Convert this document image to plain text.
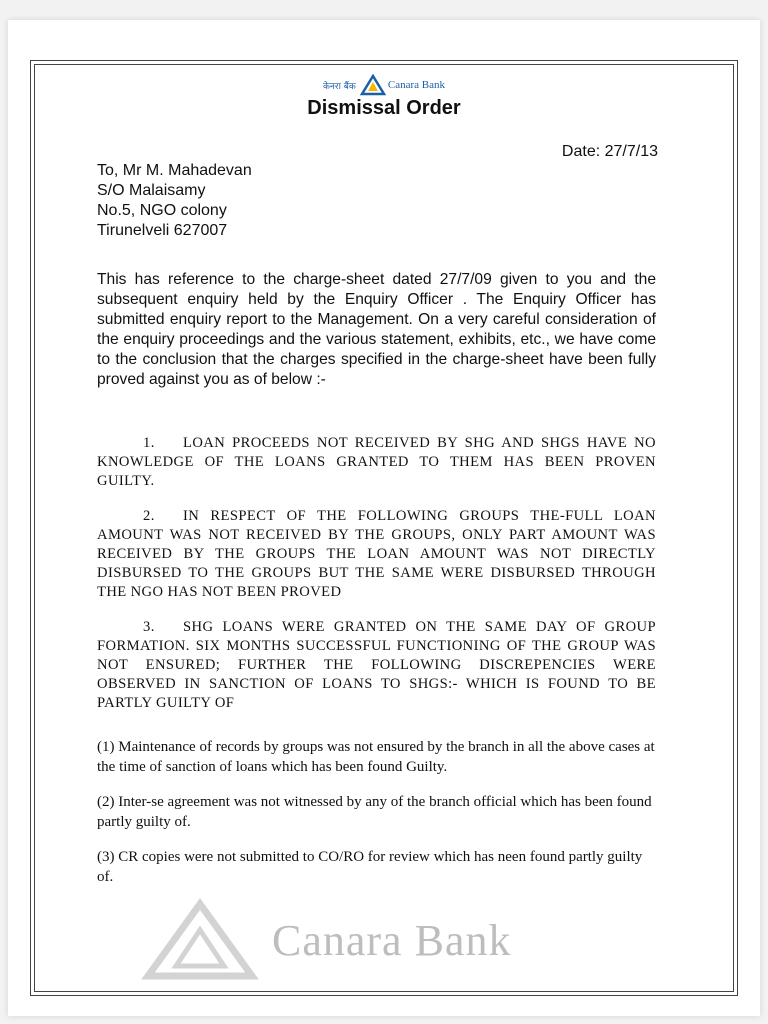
केनरा बैंक	Canara Bank
Dismissal Order
Date: 27/7/13
To, Mr M. Mahadevan
S/O Malaisamy
No.5, NGO colony
Tirunelveli 627007
This has reference to the charge-sheet dated 27/7/09 given to you and the subsequent enquiry held by the Enquiry Officer . The Enquiry Officer has submitted enquiry report to the Management. On a very careful consideration of the enquiry proceedings and the various statement, exhibits, etc., we have come to the conclusion that the charges specified in the charge-sheet have been fully proved against you as of below :-
1. LOAN PROCEEDS NOT RECEIVED BY SHG AND SHGS HAVE NO KNOWLEDGE OF THE LOANS GRANTED TO THEM HAS BEEN PROVEN GUILTY.
2. IN RESPECT OF THE FOLLOWING GROUPS THE-FULL LOAN AMOUNT WAS NOT RECEIVED BY THE GROUPS, ONLY PART AMOUNT WAS RECEIVED BY THE GROUPS THE LOAN AMOUNT WAS NOT DIRECTLY DISBURSED TO THE GROUPS BUT THE SAME WERE DISBURSED THROUGH THE NGO HAS NOT BEEN PROVED
3. SHG LOANS WERE GRANTED ON THE SAME DAY OF GROUP FORMATION. SIX MONTHS SUCCESSFUL FUNCTIONING OF THE GROUP WAS NOT ENSURED; FURTHER THE FOLLOWING DISCREPENCIES WERE OBSERVED IN SANCTION OF LOANS TO SHGS:- WHICH IS FOUND TO BE PARTLY GUILTY OF
(1) Maintenance of records by groups was not ensured by the branch in all the above cases at the time of sanction of loans which has been found Guilty.
(2) Inter-se agreement was not witnessed by any of the branch official which has been found partly guilty of.
(3) CR copies were not submitted to CO/RO for review which has neen found partly guilty of.
Canara Bank
